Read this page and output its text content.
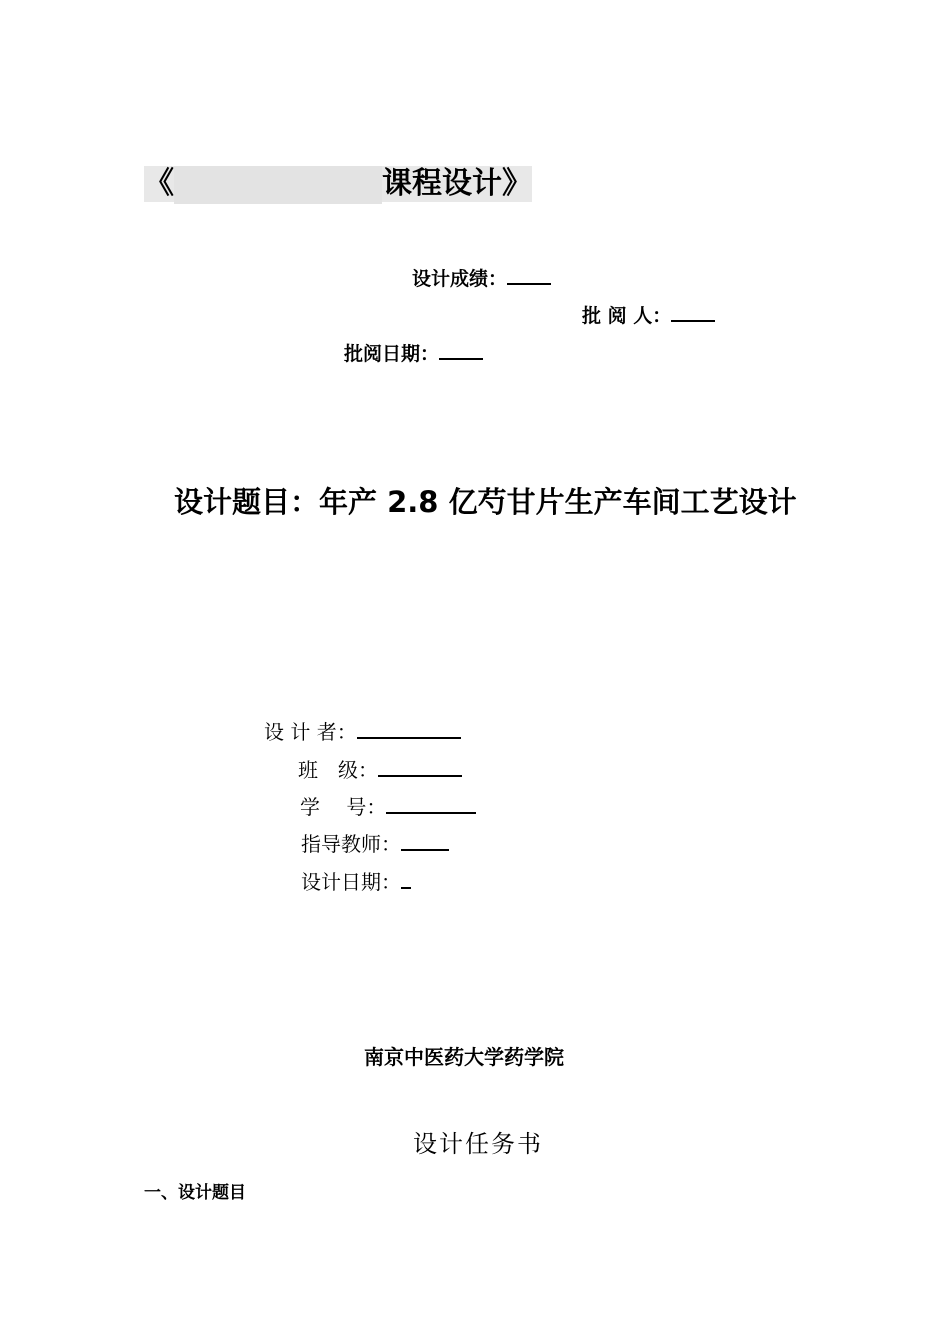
《	课程设计》
设计成绩：
批 阅 人：
批阅日期：
设计题目：年产 2.8 亿芍甘片生产车间工艺设计
设 计 者：
班　级：
学　 号：
指导教师：
设计日期：
南京中医药大学药学院
设计任务书
一、设计题目
